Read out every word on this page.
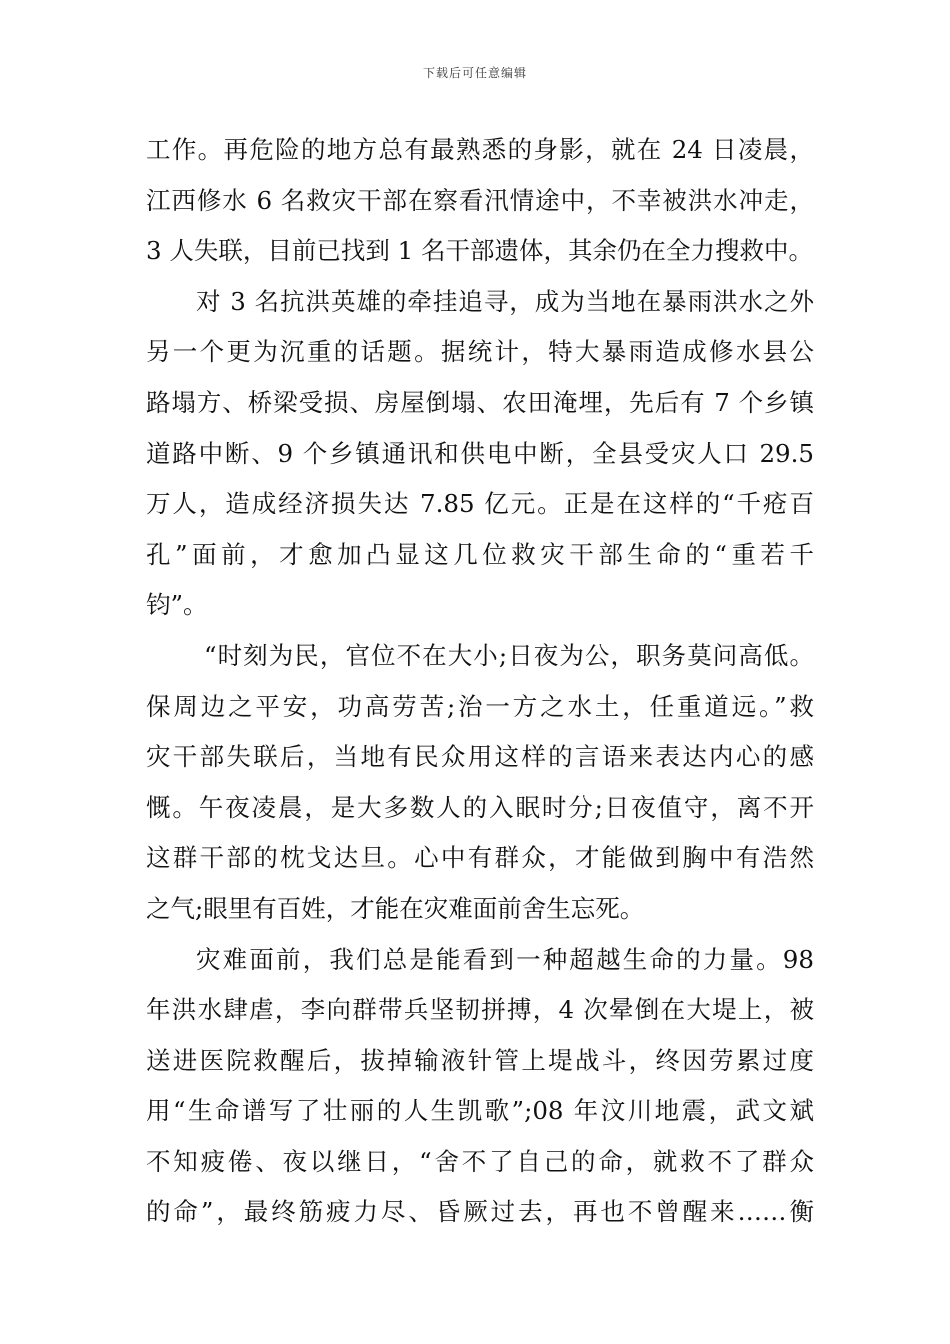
下载后可任意编辑
工作。再危险的地方总有最熟悉的身影，就在 24 日凌晨，
江西修水 6 名救灾干部在察看汛情途中，不幸被洪水冲走，
3 人失联，目前已找到 1 名干部遗体，其余仍在全力搜救中。
对 3 名抗洪英雄的牵挂追寻，成为当地在暴雨洪水之外
另一个更为沉重的话题。据统计，特大暴雨造成修水县公
路塌方、桥梁受损、房屋倒塌、农田淹埋，先后有 7 个乡镇
道路中断、9 个乡镇通讯和供电中断，全县受灾人口 29.5
万人，造成经济损失达 7.85 亿元。正是在这样的“千疮百
孔”面前，才愈加凸显这几位救灾干部生命的“重若千
钧”。
“时刻为民，官位不在大小;日夜为公，职务莫问高低。
保周边之平安，功高劳苦;治一方之水土，任重道远。”救
灾干部失联后，当地有民众用这样的言语来表达内心的感
慨。午夜凌晨，是大多数人的入眠时分;日夜值守，离不开
这群干部的枕戈达旦。心中有群众，才能做到胸中有浩然
之气;眼里有百姓，才能在灾难面前舍生忘死。
灾难面前，我们总是能看到一种超越生命的力量。98
年洪水肆虐，李向群带兵坚韧拼搏，4 次晕倒在大堤上，被
送进医院救醒后，拔掉输液针管上堤战斗，终因劳累过度
用“生命谱写了壮丽的人生凯歌”;08 年汶川地震，武文斌
不知疲倦、夜以继日，“舍不了自己的命，就救不了群众
的命”，最终筋疲力尽、昏厥过去，再也不曾醒来……衡
